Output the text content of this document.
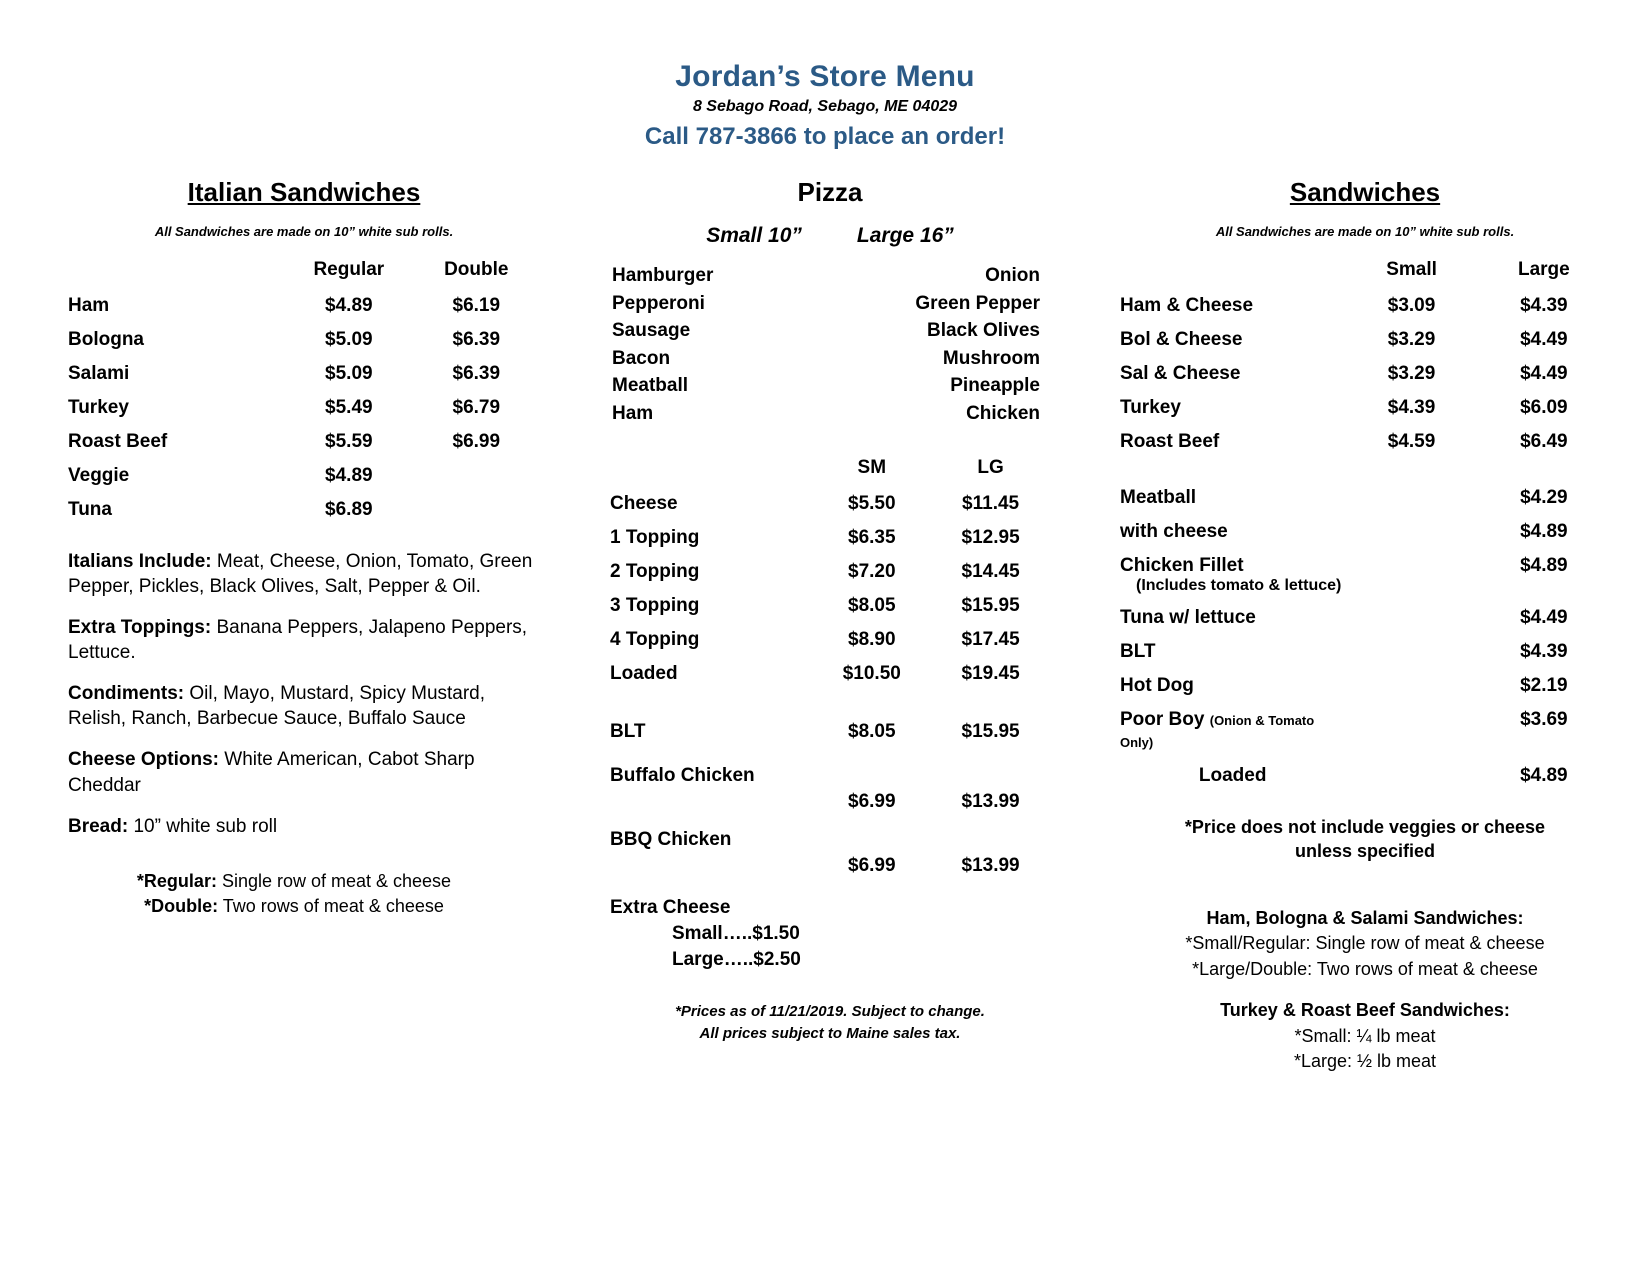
Jordan’s Store Menu
8 Sebago Road, Sebago, ME 04029
Call 787-3866 to place an order!
Italian Sandwiches
All Sandwiches are made on 10” white sub rolls.
	Regular	Double
Ham	$4.89	$6.19
Bologna	$5.09	$6.39
Salami	$5.09	$6.39
Turkey	$5.49	$6.79
Roast Beef	$5.59	$6.99
Veggie	$4.89	
Tuna	$6.89	

Italians Include: Meat, Cheese, Onion, Tomato, Green Pepper, Pickles, Black Olives, Salt, Pepper & Oil.

Extra Toppings: Banana Peppers, Jalapeno Peppers, Lettuce.

Condiments: Oil, Mayo, Mustard, Spicy Mustard, Relish, Ranch, Barbecue Sauce, Buffalo Sauce

Cheese Options: White American, Cabot Sharp Cheddar

Bread: 10” white sub roll

*Regular: Single row of meat & cheese
*Double: Two rows of meat & cheese
Pizza
Small 10”	Large 16”
Hamburger
Pepperoni
Sausage
Bacon
Meatball
Ham
Onion
Green Pepper
Black Olives
Mushroom
Pineapple
Chicken
	SM	LG
Cheese	$5.50	$11.45
1 Topping	$6.35	$12.95
2 Topping	$7.20	$14.45
3 Topping	$8.05	$15.95
4 Topping	$8.90	$17.45
Loaded	$10.50	$19.45
BLT	$8.05	$15.95
Buffalo Chicken
$6.99	$13.99
BBQ Chicken
$6.99	$13.99
Extra Cheese
Small…..$1.50
Large…..$2.50
*Prices as of 11/21/2019. Subject to change.
All prices subject to Maine sales tax.
Sandwiches
All Sandwiches are made on 10” white sub rolls.
	Small	Large
Ham & Cheese	$3.09	$4.39
Bol & Cheese	$3.29	$4.49
Sal & Cheese	$3.29	$4.49
Turkey	$4.39	$6.09
Roast Beef	$4.59	$6.49
Meatball		$4.29
with cheese		$4.89
Chicken Fillet
(Includes tomato & lettuce)		$4.89
Tuna w/ lettuce		$4.49
BLT		$4.39
Hot Dog		$2.19
Poor Boy (Onion & Tomato Only)		$3.69
Loaded		$4.89
*Price does not include veggies or cheese
unless specified
Ham, Bologna & Salami Sandwiches:
*Small/Regular: Single row of meat & cheese
*Large/Double: Two rows of meat & cheese
Turkey & Roast Beef Sandwiches:
*Small: ¼ lb meat
*Large: ½ lb meat
